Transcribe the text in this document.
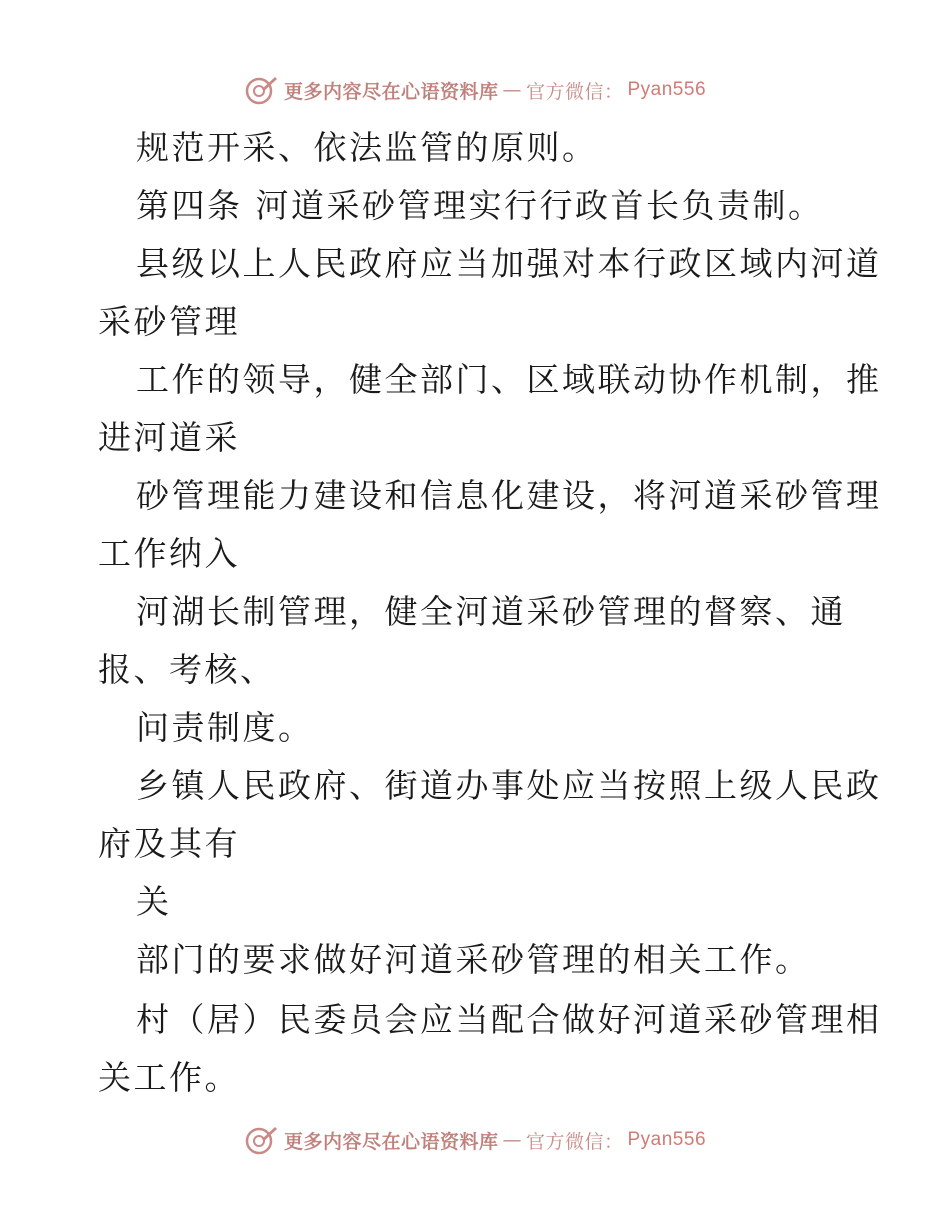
更多内容尽在心语资料库 — 官方微信： Pyan556
规范开采、依法监管的原则。
第四条 河道采砂管理实行行政首长负责制。
县级以上人民政府应当加强对本行政区域内河道
采砂管理
工作的领导，健全部门、区域联动协作机制，推
进河道采
砂管理能力建设和信息化建设，将河道采砂管理
工作纳入
河湖长制管理，健全河道采砂管理的督察、通
报、考核、
问责制度。
乡镇人民政府、街道办事处应当按照上级人民政
府及其有
关
部门的要求做好河道采砂管理的相关工作。
村（居）民委员会应当配合做好河道采砂管理相
关工作。
更多内容尽在心语资料库 — 官方微信： Pyan556
